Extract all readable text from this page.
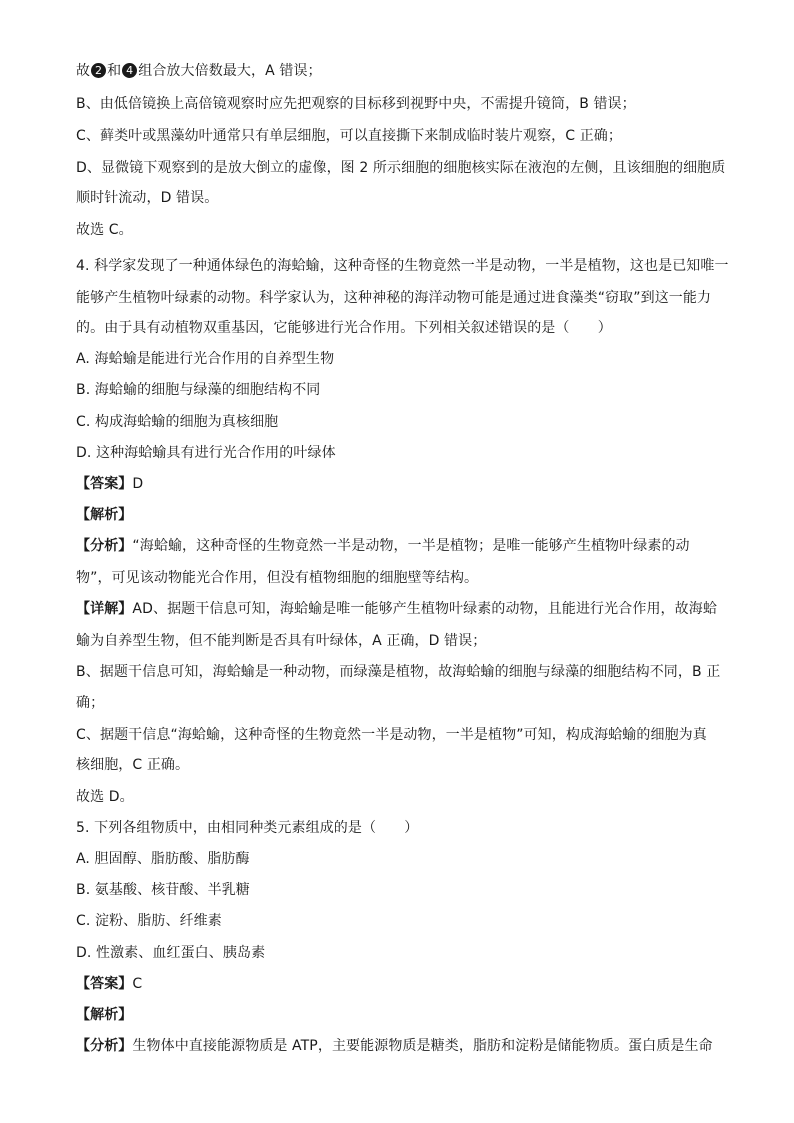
故 2 和 4 组合放大倍数最大，A 错误；
B、由低倍镜换上高倍镜观察时应先把观察的目标移到视野中央，不需提升镜筒，B 错误；
C、藓类叶或黑藻幼叶通常只有单层细胞，可以直接撕下来制成临时装片观察，C 正确；
D、显微镜下观察到的是放大倒立的虚像，图 2 所示细胞的细胞核实际在液泡的左侧，且该细胞的细胞质
顺时针流动，D 错误。
故选 C。
4. 科学家发现了一种通体绿色的海蛤蝓，这种奇怪的生物竟然一半是动物，一半是植物，这也是已知唯一
能够产生植物叶绿素的动物。科学家认为，这种神秘的海洋动物可能是通过进食藻类“窃取”到这一能力
的。由于具有动植物双重基因，它能够进行光合作用。下列相关叙述错误的是（　　）
A. 海蛤蝓是能进行光合作用的自养型生物
B. 海蛤蝓的细胞与绿藻的细胞结构不同
C. 构成海蛤蝓的细胞为真核细胞
D. 这种海蛤蝓具有进行光合作用的叶绿体
【答案】D
【解析】
【分析】“海蛤蝓，这种奇怪的生物竟然一半是动物，一半是植物；是唯一能够产生植物叶绿素的动
物”，可见该动物能光合作用，但没有植物细胞的细胞壁等结构。
【详解】AD、据题干信息可知，海蛤蝓是唯一能够产生植物叶绿素的动物，且能进行光合作用，故海蛤
蝓为自养型生物，但不能判断是否具有叶绿体，A 正确，D 错误；
B、据题干信息可知，海蛤蝓是一种动物，而绿藻是植物，故海蛤蝓的细胞与绿藻的细胞结构不同，B 正
确；
C、据题干信息“海蛤蝓，这种奇怪的生物竟然一半是动物，一半是植物”可知，构成海蛤蝓的细胞为真
核细胞，C 正确。
故选 D。
5. 下列各组物质中，由相同种类元素组成的是（　　）
A. 胆固醇、脂肪酸、脂肪酶
B. 氨基酸、核苷酸、半乳糖
C. 淀粉、脂肪、纤维素
D. 性激素、血红蛋白、胰岛素
【答案】C
【解析】
【分析】生物体中直接能源物质是 ATP，主要能源物质是糖类，脂肪和淀粉是储能物质。蛋白质是生命
